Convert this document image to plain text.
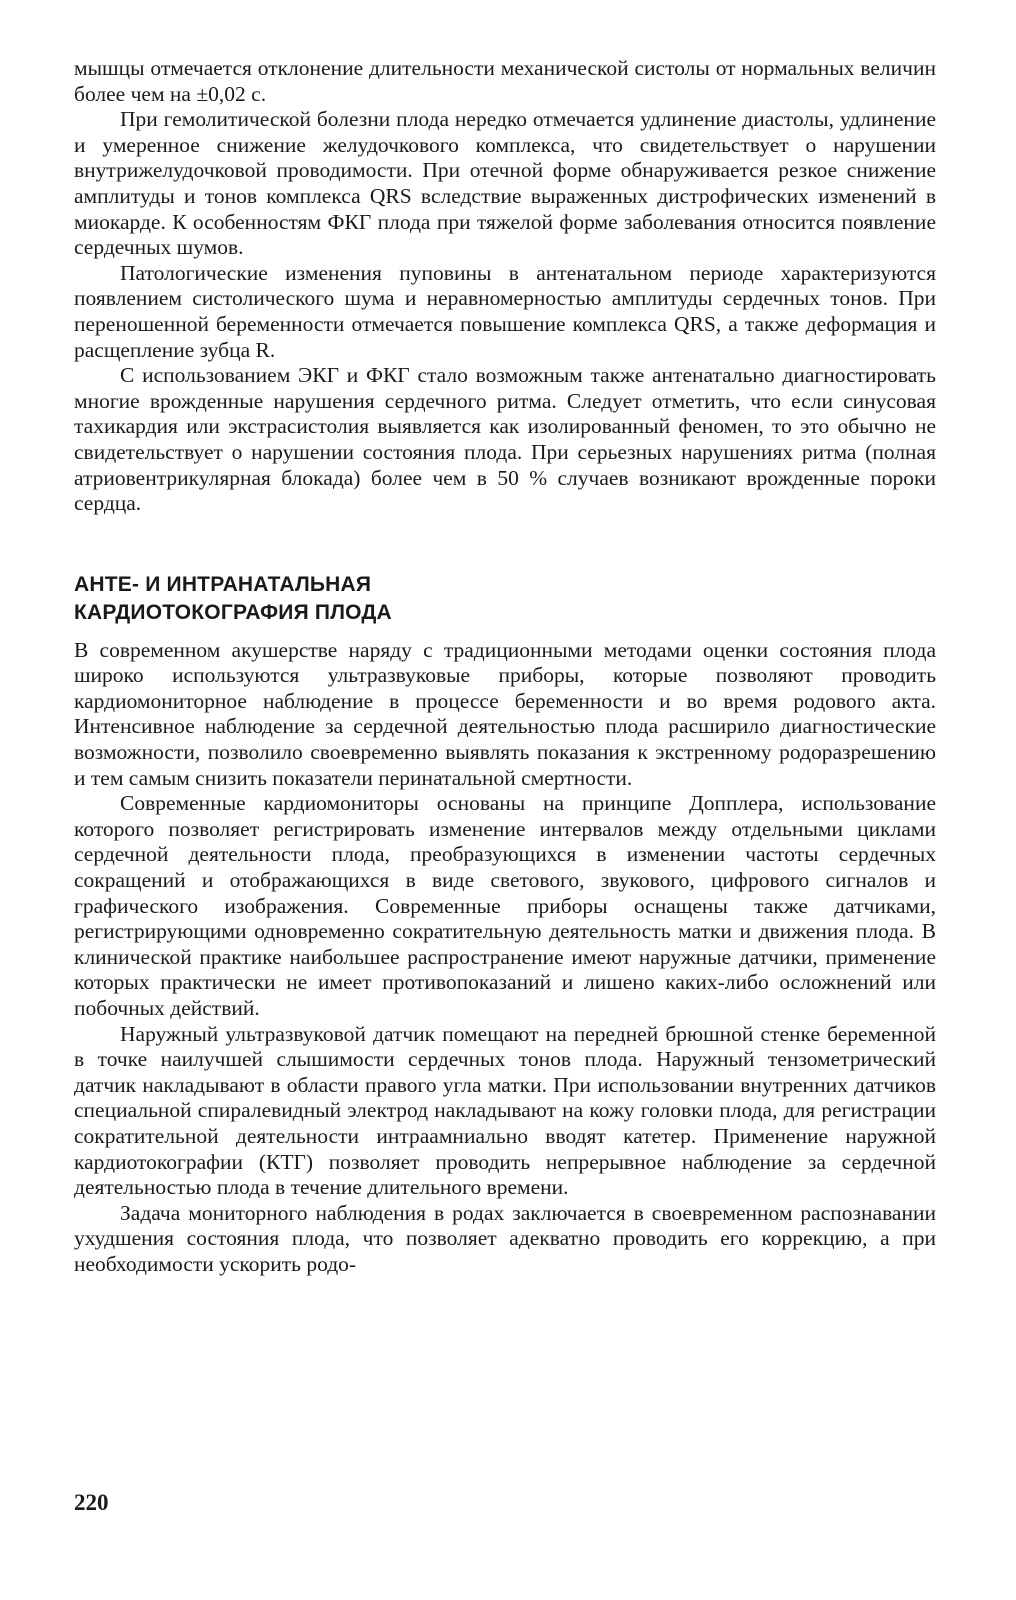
мышцы отмечается отклонение длительности механической систолы от нормальных величин более чем на ±0,02 с.

При гемолитической болезни плода нередко отмечается удлинение диастолы, удлинение и умеренное снижение желудочкового комплекса, что свидетельствует о нарушении внутрижелудочковой проводимости. При отечной форме обнаруживается резкое снижение амплитуды и тонов комплекса QRS вследствие выраженных дистрофических изменений в миокарде. К особенностям ФКГ плода при тяжелой форме заболевания относится появление сердечных шумов.

Патологические изменения пуповины в антенатальном периоде характеризуются появлением систолического шума и неравномерностью амплитуды сердечных тонов. При переношенной беременности отмечается повышение комплекса QRS, а также деформация и расщепление зубца R.

С использованием ЭКГ и ФКГ стало возможным также антенатально диагностировать многие врожденные нарушения сердечного ритма. Следует отметить, что если синусовая тахикардия или экстрасистолия выявляется как изолированный феномен, то это обычно не свидетельствует о нарушении состояния плода. При серьезных нарушениях ритма (полная атриовентрикулярная блокада) более чем в 50 % случаев возникают врожденные пороки сердца.

АНТЕ- И ИНТРАНАТАЛЬНАЯ
КАРДИОТОКОГРАФИЯ ПЛОДА

В современном акушерстве наряду с традиционными методами оценки состояния плода широко используются ультразвуковые приборы, которые позволяют проводить кардиомониторное наблюдение в процессе беременности и во время родового акта. Интенсивное наблюдение за сердечной деятельностью плода расширило диагностические возможности, позволило своевременно выявлять показания к экстренному родоразрешению и тем самым снизить показатели перинатальной смертности.

Современные кардиомониторы основаны на принципе Допплера, использование которого позволяет регистрировать изменение интервалов между отдельными циклами сердечной деятельности плода, преобразующихся в изменении частоты сердечных сокращений и отображающихся в виде светового, звукового, цифрового сигналов и графического изображения. Современные приборы оснащены также датчиками, регистрирующими одновременно сократительную деятельность матки и движения плода. В клинической практике наибольшее распространение имеют наружные датчики, применение которых практически не имеет противопоказаний и лишено каких-либо осложнений или побочных действий.

Наружный ультразвуковой датчик помещают на передней брюшной стенке беременной в точке наилучшей слышимости сердечных тонов плода. Наружный тензометрический датчик накладывают в области правого угла матки. При использовании внутренних датчиков специальной спиралевидный электрод накладывают на кожу головки плода, для регистрации сократительной деятельности интраамниально вводят катетер. Применение наружной кардиотокографии (КТГ) позволяет проводить непрерывное наблюдение за сердечной деятельностью плода в течение длительного времени.

Задача мониторного наблюдения в родах заключается в своевременном распознавании ухудшения состояния плода, что позволяет адекватно проводить его коррекцию, а при необходимости ускорить родо-

220
